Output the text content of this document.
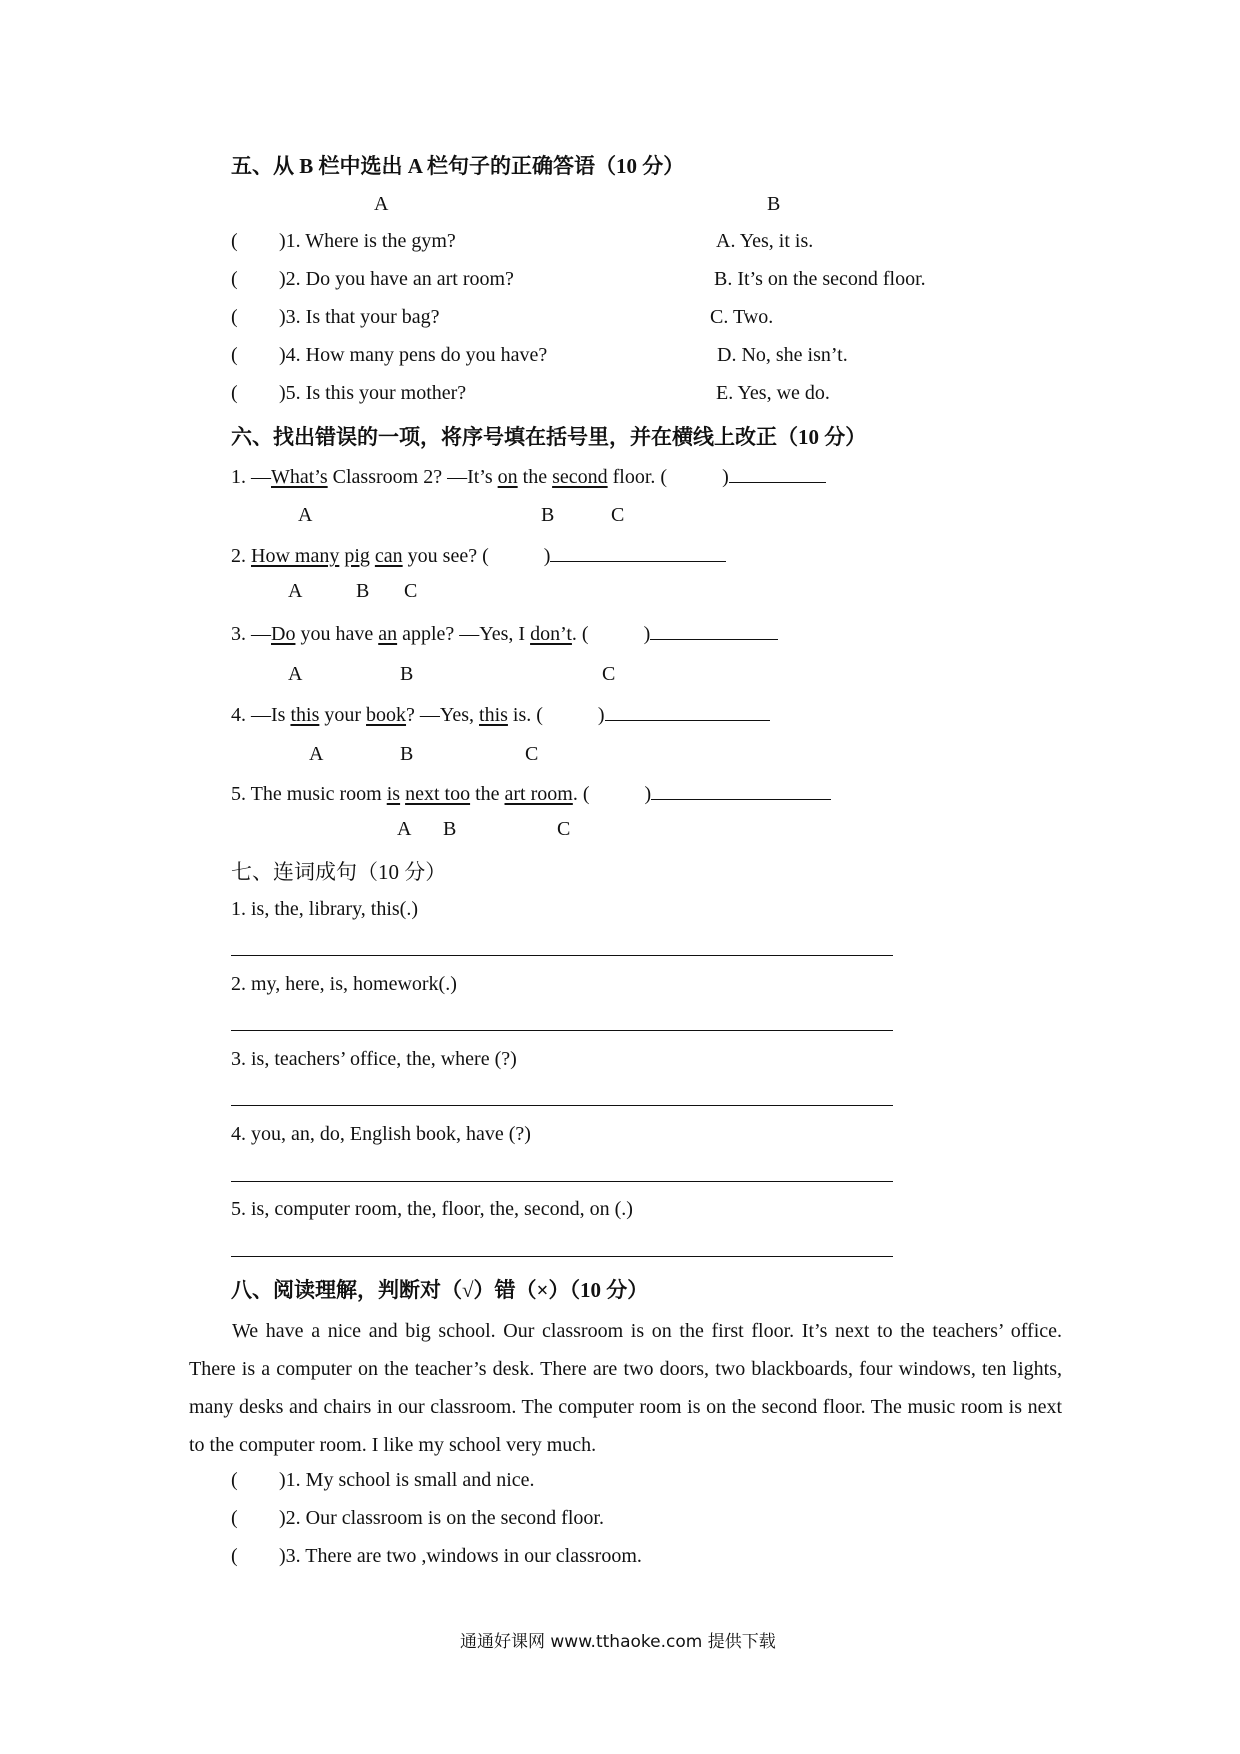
五、从 B 栏中选出 A 栏句子的正确答语（10 分）
A	B
( )1. Where is the gym?	A. Yes, it is.
( )2. Do you have an art room?	B. It’s on the second floor.
( )3. Is that your bag?	C. Two.
( )4. How many pens do you have?	D. No, she isn’t.
( )5. Is this your mother?	E. Yes, we do.
六、找出错误的一项，将序号填在括号里，并在横线上改正（10 分）
1. —What’s Classroom 2? —It’s on the second floor. (	)
A	B	C
2. How many pig can you see? (	)
A	B C
3. —Do you have an apple? —Yes, I don’t. (	)
A	B	C
4. —Is this your book? —Yes, this is. (	)
A	B	C
5. The music room is next too the art room. (	)
A B	C
七、连词成句（10 分）
1. is, the, library, this(.)
2. my, here, is, homework(.)
3. is, teachers’ office, the, where (?)
4. you, an, do, English book, have (?)
5. is, computer room, the, floor, the, second, on (.)
八、阅读理解，判断对（√）错（×）（10 分）
We have a nice and big school. Our classroom is on the first floor. It’s next to the teachers’ office. There is a computer on the teacher’s desk. There are two doors, two blackboards, four windows, ten lights, many desks and chairs in our classroom. The computer room is on the second floor. The music room is next to the computer room. I like my school very much.
( )1. My school is small and nice.
( )2. Our classroom is on the second floor.
( )3. There are two ,windows in our classroom.
通通好课网 www.tthaoke.com 提供下载
